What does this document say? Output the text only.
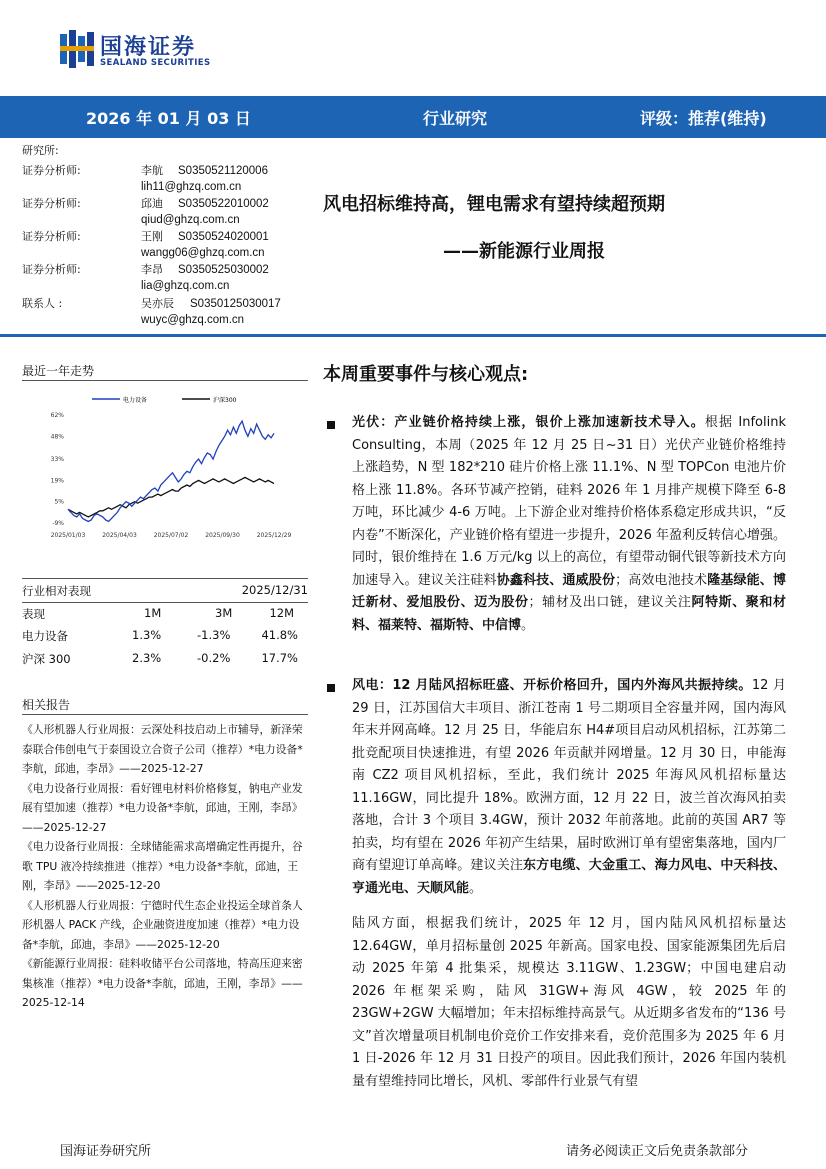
国海证券
SEALAND SECURITIES
2026 年 01 月 03 日	行业研究	评级：推荐(维持)
研究所:
证券分析师:	李航 S0350521120006
lih11@ghzq.com.cn
证券分析师:	邱迪 S0350522010002
qiud@ghzq.com.cn
证券分析师:	王刚 S0350524020001
wangg06@ghzq.com.cn
证券分析师:	李昂 S0350525030002
lia@ghzq.com.cn
联系人 :	吴亦辰 S0350125030017
wuyc@ghzq.com.cn
风电招标维持高，锂电需求有望持续超预期
——新能源行业周报
最近一年走势
电力设备	沪深300
62%
48%
33%
19%
5%
-9%
2025/01/03	2025/04/03	2025/07/02	2025/09/30	2025/12/29
行业相对表现	2025/12/31
表现	1M	3M	12M
电力设备	1.3%	-1.3%	41.8%
沪深 300	2.3%	-0.2%	17.7%
相关报告
《人形机器人行业周报：云深处科技启动上市辅导，新泽荣泰联合伟创电气于泰国设立合资子公司（推荐）*电力设备*李航，邱迪，李昂》——2025-12-27
《电力设备行业周报：看好锂电材料价格修复，钠电产业发展有望加速（推荐）*电力设备*李航，邱迪，王刚，李昂》——2025-12-27
《电力设备行业周报：全球储能需求高增确定性再提升，谷歌 TPU 液冷持续推进（推荐）*电力设备*李航，邱迪，王刚，李昂》——2025-12-20
《人形机器人行业周报：宁德时代生态企业投运全球首条人形机器人 PACK 产线，企业融资进度加速（推荐）*电力设备*李航，邱迪，李昂》——2025-12-20
《新能源行业周报：硅料收储平台公司落地，特高压迎来密集核准（推荐）*电力设备*李航，邱迪，王刚，李昂》——2025-12-14
本周重要事件与核心观点:
光伏：产业链价格持续上涨，银价上涨加速新技术导入。根据 Infolink Consulting，本周（2025 年 12 月 25 日~31 日）光伏产业链价格维持上涨趋势，N 型 182*210 硅片价格上涨 11.1%、N 型 TOPCon 电池片价格上涨 11.8%。各环节减产控销，硅料 2026 年 1 月排产规模下降至 6-8 万吨，环比减少 4-6 万吨。上下游企业对维持价格体系稳定形成共识，“反内卷”不断深化，产业链价格有望进一步提升，2026 年盈利反转信心增强。同时，银价维持在 1.6 万元/kg 以上的高位，有望带动铜代银等新技术方向加速导入。建议关注硅料协鑫科技、通威股份；高效电池技术隆基绿能、博迁新材、爱旭股份、迈为股份；辅材及出口链，建议关注阿特斯、聚和材料、福莱特、福斯特、中信博。
风电：12 月陆风招标旺盛、开标价格回升，国内外海风共振持续。12 月 29 日，江苏国信大丰项目、浙江苍南 1 号二期项目全容量并网，国内海风年末并网高峰。12 月 25 日，华能启东 H4#项目启动风机招标，江苏第二批竞配项目快速推进，有望 2026 年贡献并网增量。12 月 30 日，申能海南 CZ2 项目风机招标，至此，我们统计 2025 年海风风机招标量达 11.16GW，同比提升 18%。欧洲方面，12 月 22 日，波兰首次海风拍卖落地，合计 3 个项目 3.4GW，预计 2032 年前落地。此前的英国 AR7 等拍卖，均有望在 2026 年初产生结果，届时欧洲订单有望密集落地，国内厂商有望迎订单高峰。建议关注东方电缆、大金重工、海力风电、中天科技、亨通光电、天顺风能。
陆风方面，根据我们统计，2025 年 12 月，国内陆风风机招标量达 12.64GW，单月招标量创 2025 年新高。国家电投、国家能源集团先后启动 2025 年第 4 批集采，规模达 3.11GW、1.23GW；中国电建启动 2026 年框架采购，陆风 31GW+海风 4GW，较 2025 年的 23GW+2GW 大幅增加；年末招标维持高景气。从近期多省发布的“136 号文”首次增量项目机制电价竞价工作安排来看，竞价范围多为 2025 年 6 月 1 日-2026 年 12 月 31 日投产的项目。因此我们预计，2026 年国内装机量有望维持同比增长，风机、零部件行业景气有望
国海证券研究所	请务必阅读正文后免责条款部分
